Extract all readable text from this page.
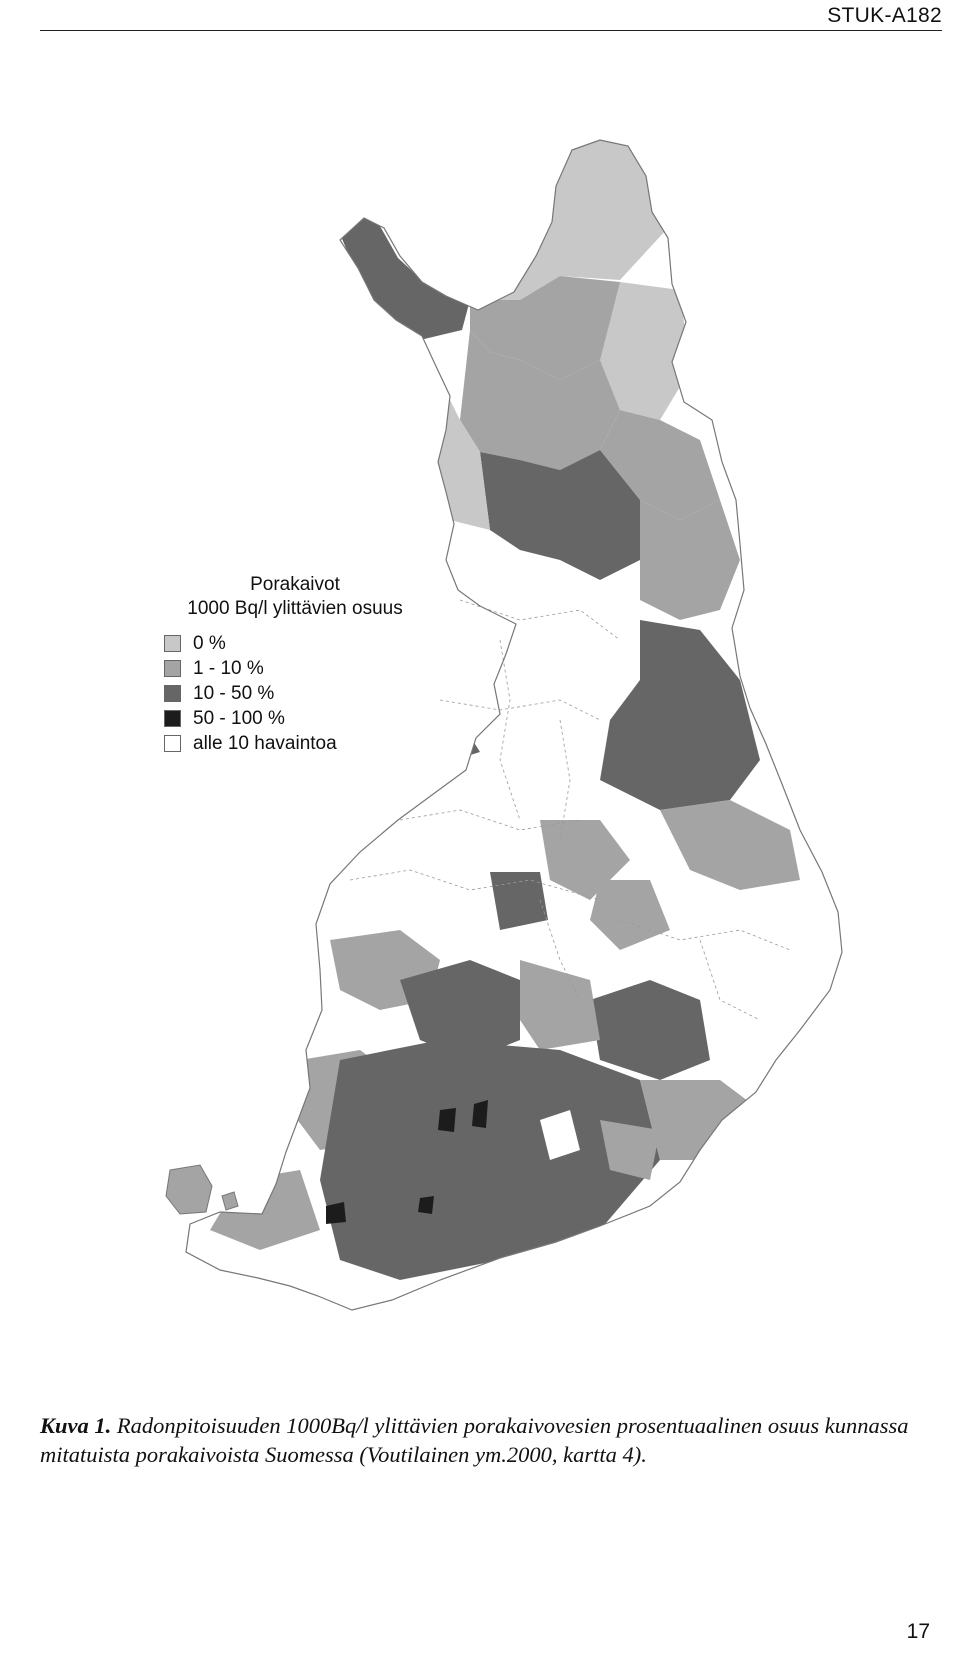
STUK-A182
Porakaivot
1000 Bq/l ylittävien osuus
0 %
1 - 10 %
10 - 50 %
50 - 100 %
alle 10 havaintoa
Kuva 1. Radonpitoisuuden 1000Bq/l ylittävien porakaivovesien prosentuaalinen osuus kunnassa mitatuista porakaivoista Suomessa (Voutilainen ym.2000, kartta 4).
17
